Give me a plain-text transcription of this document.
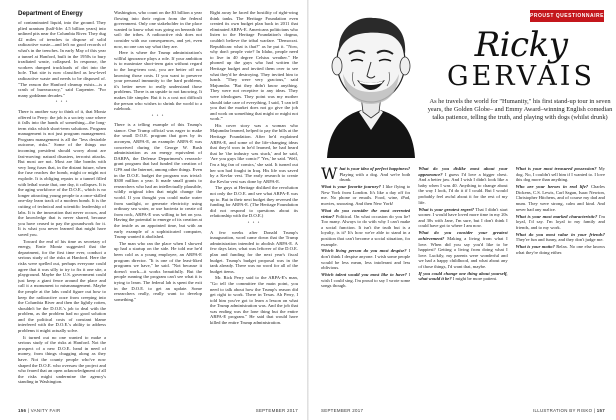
Department of Energy

of contaminated liquid, into the ground. They plied uranium (half-life: 4.5 billion years) into unlined pits near the Columbia River. They dug 42 miles of trenches to dispose of solid radioactive waste—and left no good records of what's in the trenches. In early May of this year a tunnel at Hanford, built in the 1950s to bury irradiated waste, collapsed. In response, the workers dumped truckloads of dirt into the hole. That site is now classified as low-level radioactive waste and needs to be disposed of. "The reason the Hanford cleanup exists—is a crash of bureaucracy," said Carpenter. "For many goddamn decades."

• • •

There is another way to think of it, that Moniz offered to Perry: the job is a society case where it falls into the hands of something—the long-term risks which short-term solutions. Program management is not just program management. Program management is all the "less desirable outcome, risks." Some of the things our incoming president should worry about are fast-moving: natural disasters, terrorist attacks. But most are not. Most are like bombs with very long fuses that, in the distant future, when the fuse reaches the bomb, might or might not explode. It is obliging repairs to a tunnel filled with lethal waste that, one day, it collapses. It is the aging workforce of the D.O.E., which is no longer attracting young people to a once-skilled one-day learn track of a modern bomb. It is the cutting of technical and scientific leadership of labs. It is the innovation that never occurs, and the knowledge that is never shared, because you have ceased to pay the groundwork for it. It is what you never learned that might have saved you.

Toward the end of his time as secretary of energy, Ernie Moniz suggested that the department, for the first time ever, conduct a serious study of the risks at Hanford. Here the risks were spelled out, perhaps everyone could agree that it was silly to try to fix it one site, a playground. Maybe the U.S. government could just keep a giant fence around the place and call it a monument to mismanagement. Maybe the people at the labs could figure out how to keep the radioactive ooze from creeping into the Columbia River and then the lightly rotten, shouldn't be the D.O.E.'s job to deal with the problem, as the problem had no good solution and the political costs of constant blame interfered with the D.O.E.'s ability to address problems it might actually solve.

It turned out no one wanted to make a serious study of the risks at Hanford. Not the prospect of a new D.O.E. head in need of money, from things chugging along as they have. Not the county people who've now shaped the D.O.E. who oversaw the project and who feared that an open acknowledgment of all the risks might undermine the agency's standing in Washington.

Washington, who count on the $3 billion a year flowing into their region from the federal government. Only one stakeholder in the place wanted to know what was going on beneath the soil: the tribes. A radioactive risk does not consider with our consequences, and yet, even now, no one can say what they are.

Here is where the Trump administration's willful ignorance plays a role. If your ambition is to maximize short-term gain without regard to the long-term cost, you are better off not knowing those costs. If you want to preserve your personal immunity to the hard problems, it's better never to really understand those problems. There is an upside to not knowing. It makes life simpler. But it is a cost not difficult the person who wishes to shrink the world to a rulebook.

• • •

There is a telling example of this Trump's stance. One Trump official was eager to make the small D.O.E. program that goes by its acronym, ARPA-E, an example: ARPA-E was conceived during the George W. Bush administration as an energy equivalent of DARPA, the Defense Department's research-grant program that had funded the creation of GPS and the Internet, among other things. Even in the D.O.E. budget the program was trivial: $300 million a year. It made small grants to researchers who had an intellectually plausible, wildly original idea that might change the world. If you thought you could make water from sunlight, or generate electricity using ordinary sea water, or use bacteria to create oil from rock, ARPA-E was willing to bet on you. Having the potential to emerge of its creation at the inside as an appointed time, but with an early example of a sophisticated computer, Trump wanted it abolished.

The man who ran the place when I showed up had a startup on the side. He told me he'd been cold as a young employee, an ARPA-E program director. "It is one of the least-liked programs we have," he said. "Not because it doesn't work—it works beautifully. But the people running the program can't see what it is trying to learn. The federal lab is spent the exit in the D.O.E. to get an update. Some researchers really, really want to develop something."

Right away he faced the hostility of right-wing think tanks. The Heritage Foundation even created its own budget plan back in 2011 that eliminated ARPA-E. Americans politicians who listen to the Heritage Foundation's dogma, couldn't believe the tribal warfare. "Democrat. Republican: what is that?" as he put it. "Now, why don't people vote? In Idaho, people need to live in 40 degree Celsius weather." He phoned up the guys who had written the Heritage budget and invited them over to see what they'd be destroying. They invited him to lunch. "They were very gracious," said Majumdar. "But they didn't know anything. They were not receptive to any ideas. They were ideologues. They point was my mother should take care of everything, I said, 'I can tell you that the market does not go give the job and work on something that might or might not work.'"

His cover story was a woman who Majumdar learned, helped to pay the bills at the Heritage Foundation. After he'd explained ARPA-E, and some of the life-changing ideas that they'd won in he'd learned, he had heard that he 'the industry was stuck,' and he said, 'Are you guys like comic?' 'Yes,' he said. 'Well, I'm a big fan of comics,' she said. It turned out her son had fought in Iraq. His life was saved by a Kevlar vest. The early research to create the Kevlar vest was done by ARPA-E.

The guys at Heritage disliked the revolution not only the D.O.E. and see what ARPA-E was up to. But in their next budget they reversed the funding for ARPA-E. (The Heritage Foundation did not respond to questions about its relationship with the D.O.E.)

• • •

A few weeks after Donald Trump's inauguration, word came down that the Trump administration intended to abolish ARPA-E. A few days later, what was leftover of the D.O.E. plan and funding for the next year's fiscal budget. Trump's budget proposal was in the tank already. There was no word for all of the budget items.

Mr. Rick Perry said to the ARPA-E's man, "Go tell the committee the main point, you need to talk about how the Trump's reason did get right to work. There in Texas. Ah Perry, I told him you've got to learn a lesson on what the Trump administration was. And the job that was ending was the lone thing but the entire ARPA-E program." He said that would have killed the entire Trump administration.

156 | VANITY FAIR	SEPTEMBER 2017
PROUST QUESTIONNAIRE
Ricky
GERVAIS
As he travels the world for "Humanity," his first stand-up tour in seven years, the Golden Globe– and Emmy Award–winning English comedian talks patience, telling the truth, and playing with dogs (whilst drunk)

What is your idea of perfect happiness? Playing with a dog. And we're both drunk.

What is your favorite journey? I like flying to New York from London. It's like a day off for me. No phone or emails. Food, wine, iPad, movies, snoozing. And then New York!

What do you consider the most overrated virtue? Political. On what occasion do you lie? Too many. Always to do with why I can't make a social function. It isn't the truth but is a loyalty, is it? It's how we're able to stand in a position that can't become a social situation, for example.

Which living person do you most despise? I don't think I despise anyone. I wish some people would be less mean, less intolerant and less oblivious.

Which talent would you most like to have? I wish I could sing. I'm proud to say I wrote some songs though.

What do you dislike most about your appearance? I guess I'd love a bigger chest. And a better jaw. And I wish I didn't look like a baby when I was 40. Anything to change about the way I look, I'd do it if I could. But I would probably feel awful about it for the rest of my life.

What is your greatest regret? That I didn't start sooner. I would have loved more time in my 20s and 30s with Jane, I'm sure, but I don't think I could have got to where I am now.

What do you consider your greatest achievement? Making a living from what I love. When did you say you'd like to be happiest? Getting a living from doing what I love. Luckily, my parents were wonderful and we had a happy childhood, and what about any of those things, I'd want that, maybe.

If you could change one thing about yourself, what would it be? I might be more patient.

What is your most treasured possession? My dog. No, I couldn't sell him if I wanted to. I love this dog more than anything.

Who are your heroes in real life? Charles Dickens, C.S. Lewis, Carl Sagan, Isaac Newton, Christopher Hitchens, and of course my dad and mum. They were strong, calm and kind. And never had any malice.

What is your most marked characteristic? I'm loyal, I'd say. I'm loyal to my family and friends, and to my work.

What do you most value in your friends? They're fun and funny, and they don't judge me.

What is your motto? Relax. No one else knows what they're doing either.

SEPTEMBER 2017	ILLUSTRATION BY RISKO | 157
